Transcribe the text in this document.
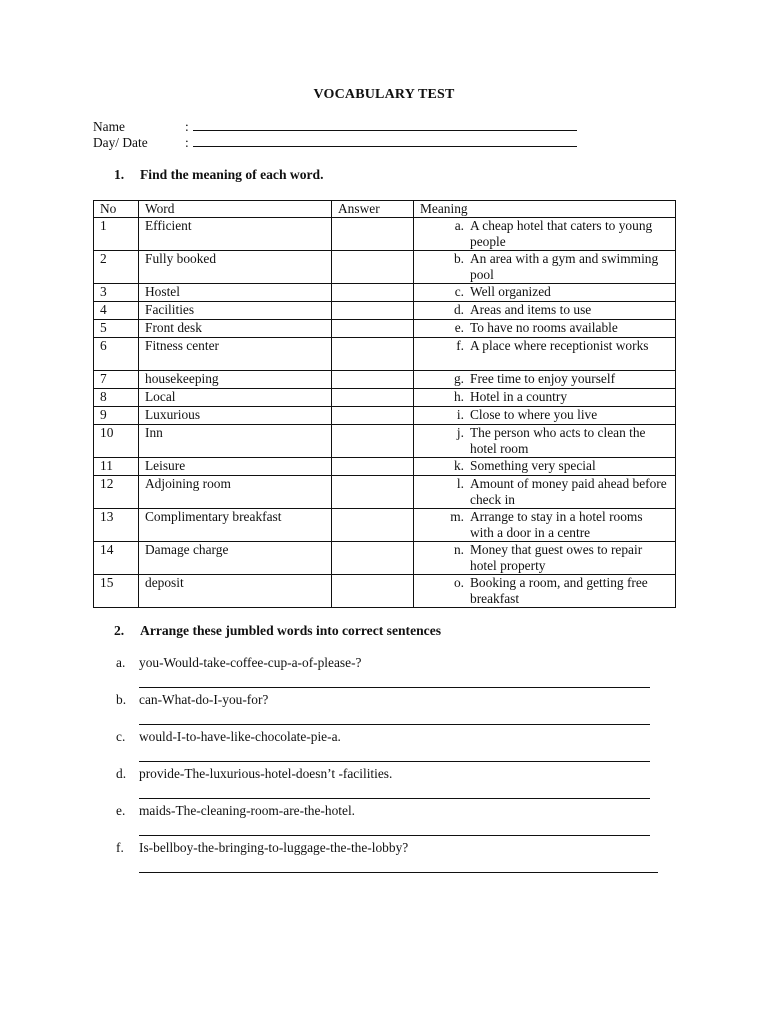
VOCABULARY TEST
Name	:
Day/ Date	:
1. Find the meaning of each word.
No	Word	Answer	Meaning
1	Efficient		a. A cheap hotel that caters to young people

2	Fully booked		b. An area with a gym and swimming pool

3	Hostel		c. Well organized

4	Facilities		d. Areas and items to use

5	Front desk		e. To have no rooms available

6	Fitness center		f. A place where receptionist works

7	housekeeping		g. Free time to enjoy yourself

8	Local		h. Hotel in a country

9	Luxurious		i. Close to where you live

10	Inn		j. The person who acts to clean the hotel room

11	Leisure		k. Something very special

12	Adjoining room		l. Amount of money paid ahead before check in

13	Complimentary breakfast		m. Arrange to stay in a hotel rooms with a door in a centre

14	Damage charge		n. Money that guest owes to repair hotel property

15	deposit		o. Booking a room, and getting free breakfast
2. Arrange these jumbled words into correct sentences
a.	you-Would-take-coffee-cup-a-of-please-?
b. can-What-do-I-you-for?
c.	would-I-to-have-like-chocolate-pie-a.
d. provide-The-luxurious-hotel-doesn’t -facilities.
e.	maids-The-cleaning-room-are-the-hotel.
f.	Is-bellboy-the-bringing-to-luggage-the-the-lobby?
